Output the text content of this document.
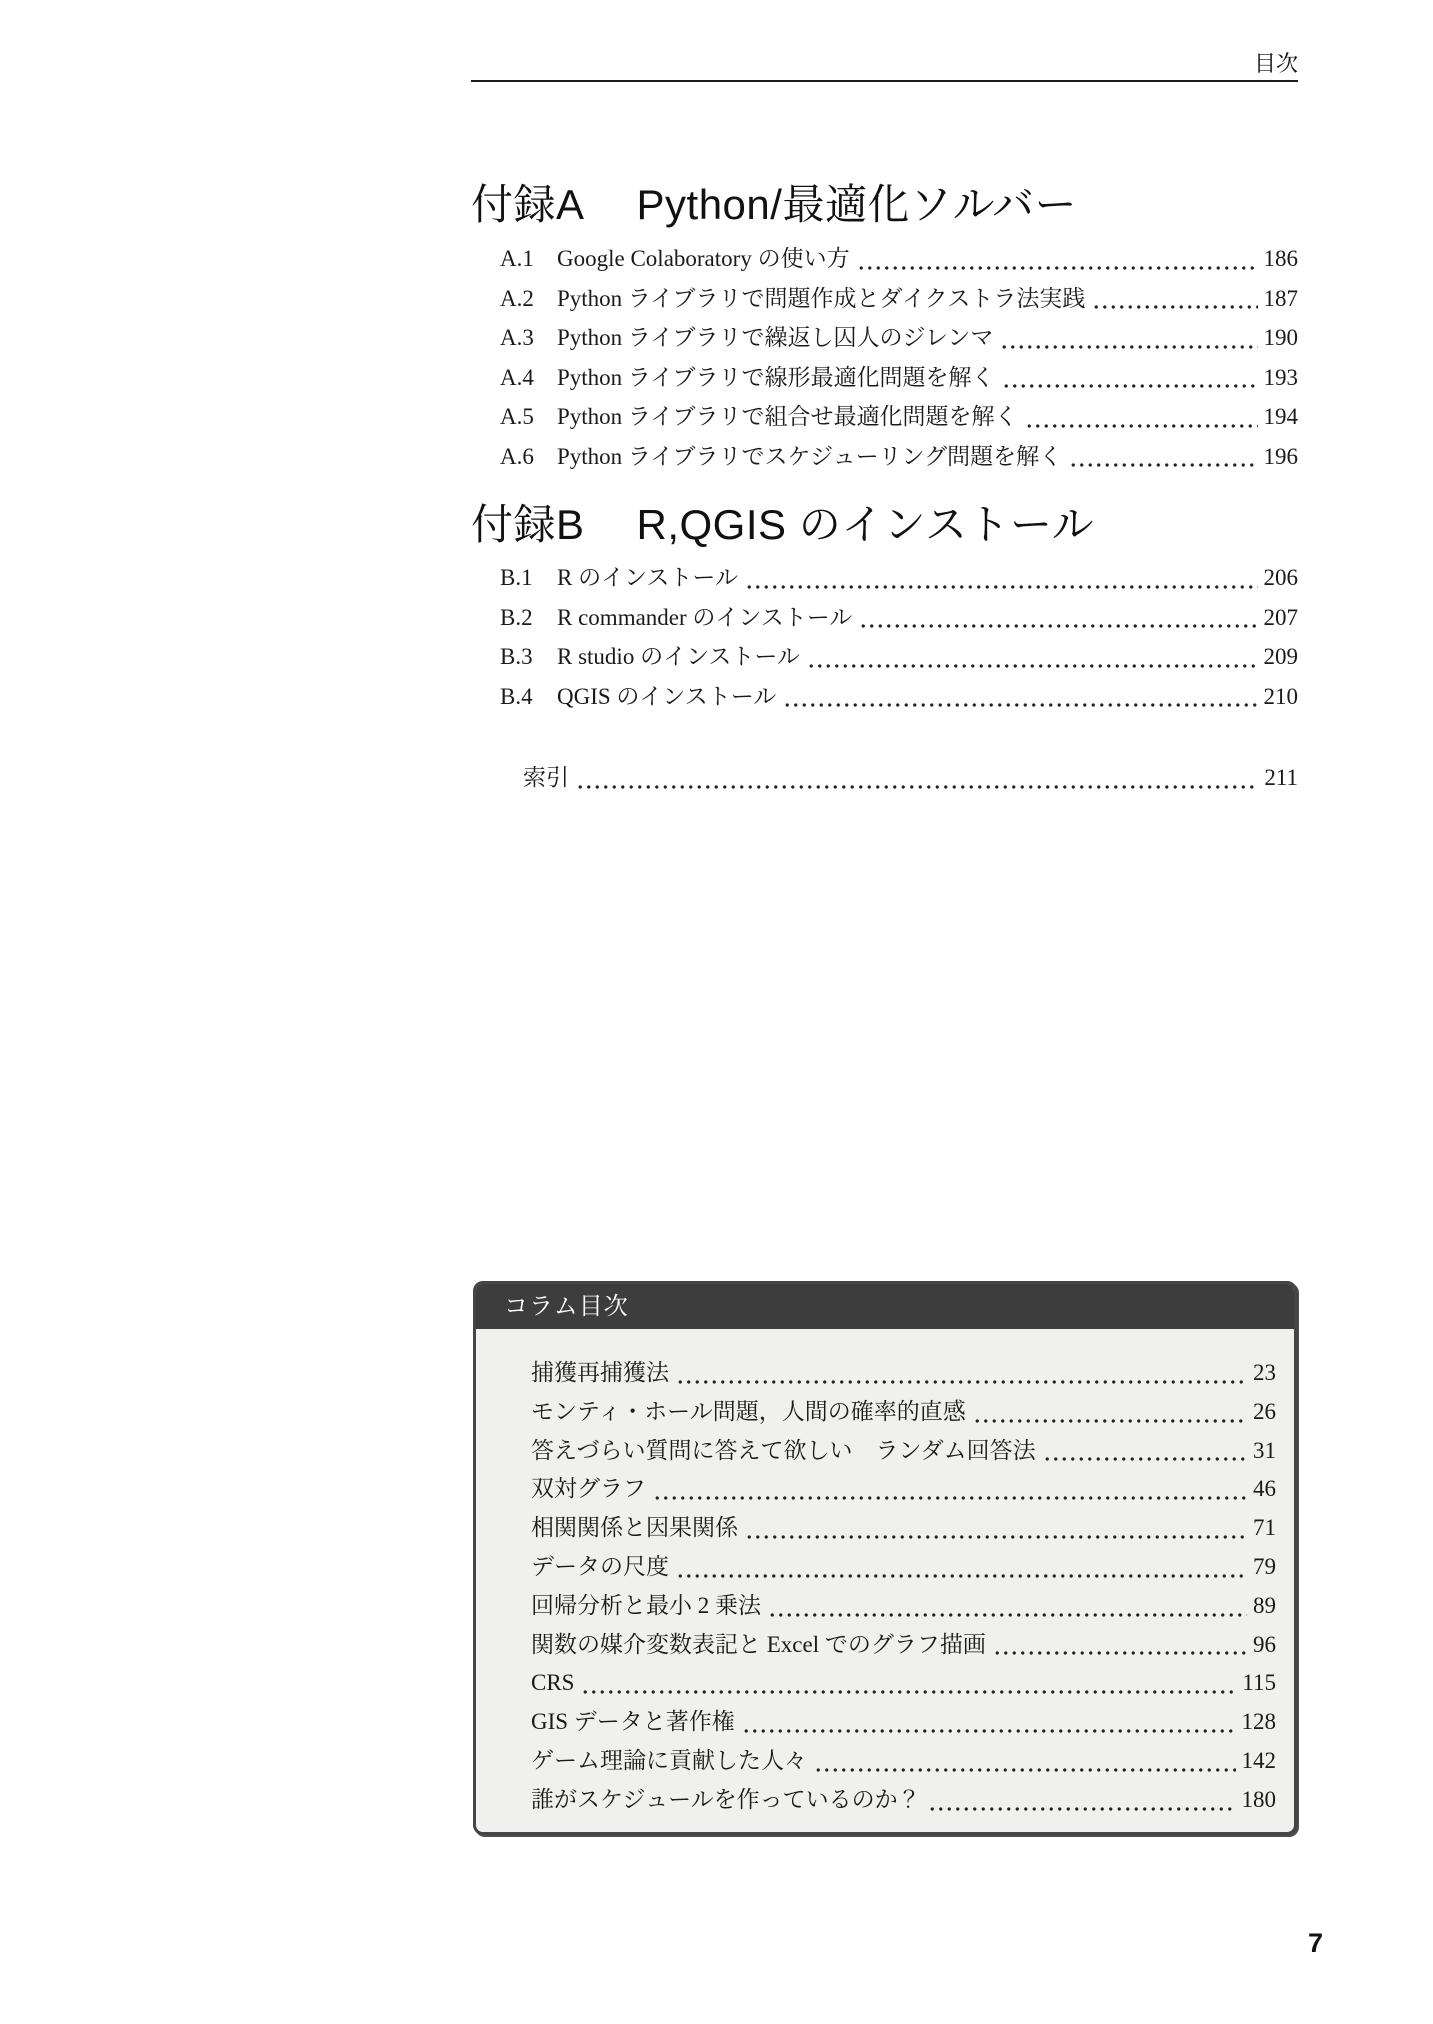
目次
付録A Python/最適化ソルバー
A.1	Google Colaboratory の使い方	186
A.2	Python ライブラリで問題作成とダイクストラ法実践	187
A.3	Python ライブラリで繰返し囚人のジレンマ	190
A.4	Python ライブラリで線形最適化問題を解く	193
A.5	Python ライブラリで組合せ最適化問題を解く	194
A.6	Python ライブラリでスケジューリング問題を解く	196
付録B R,QGIS のインストール
B.1	R のインストール	206
B.2	R commander のインストール	207
B.3	R studio のインストール	209
B.4	QGIS のインストール	210
索引	211
コラム目次
捕獲再捕獲法	23
モンティ・ホール問題，人間の確率的直感	26
答えづらい質問に答えて欲しい　ランダム回答法	31
双対グラフ	46
相関関係と因果関係	71
データの尺度	79
回帰分析と最小 2 乗法	89
関数の媒介変数表記と Excel でのグラフ描画	96
CRS	115
GIS データと著作権	128
ゲーム理論に貢献した人々	142
誰がスケジュールを作っているのか？	180
7
